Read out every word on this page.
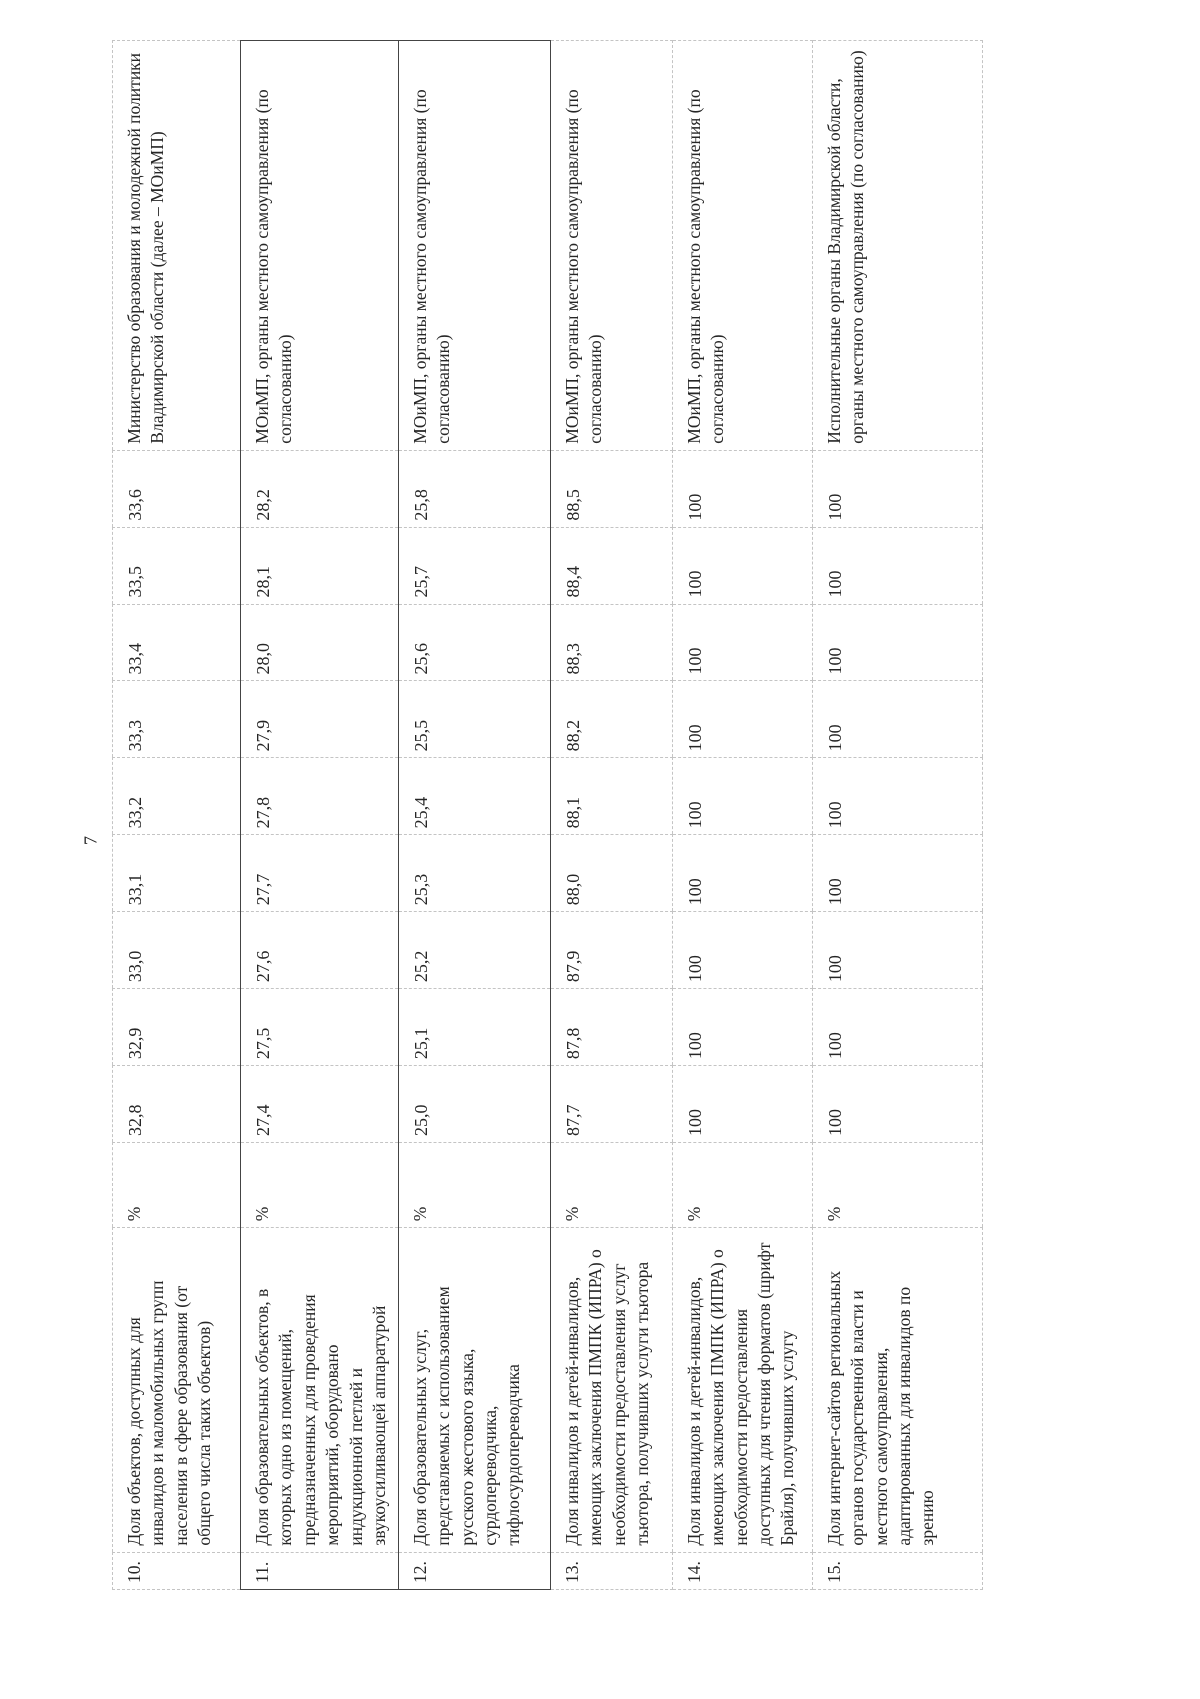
7
10.	Доля объектов, доступных для инвалидов и маломобильных групп населения в сфере образования (от общего числа таких объектов)	%	32,8	32,9	33,0	33,1	33,2	33,3	33,4	33,5	33,6	Министерство образования и молодежной политики Владимирской области (далее – МОиМП)
11.	Доля образовательных объектов, в которых одно из помещений, предназначенных для проведения мероприятий, оборудовано индукционной петлей и звукоусиливающей аппаратурой	%	27,4	27,5	27,6	27,7	27,8	27,9	28,0	28,1	28,2	МОиМП, органы местного самоуправления (по согласованию)
12.	Доля образовательных услуг, представляемых с использованием русского жестового языка, сурдопереводчика, тифлосурдопереводчика	%	25,0	25,1	25,2	25,3	25,4	25,5	25,6	25,7	25,8	МОиМП, органы местного самоуправления (по согласованию)
13.	Доля инвалидов и детей-инвалидов, имеющих заключения ПМПК (ИПРА) о необходимости предоставления услуг тьютора, получивших услуги тьютора	%	87,7	87,8	87,9	88,0	88,1	88,2	88,3	88,4	88,5	МОиМП, органы местного самоуправления (по согласованию)
14.	Доля инвалидов и детей-инвалидов, имеющих заключения ПМПК (ИПРА) о необходимости предоставления доступных для чтения форматов (шрифт Брайля), получивших услугу	%	100	100	100	100	100	100	100	100	100	МОиМП, органы местного самоуправления (по согласованию)
15.	Доля интернет-сайтов региональных органов государственной власти и местного самоуправления, адаптированных для инвалидов по зрению	%	100	100	100	100	100	100	100	100	100	Исполнительные органы Владимирской области, органы местного самоуправления (по согласованию)
